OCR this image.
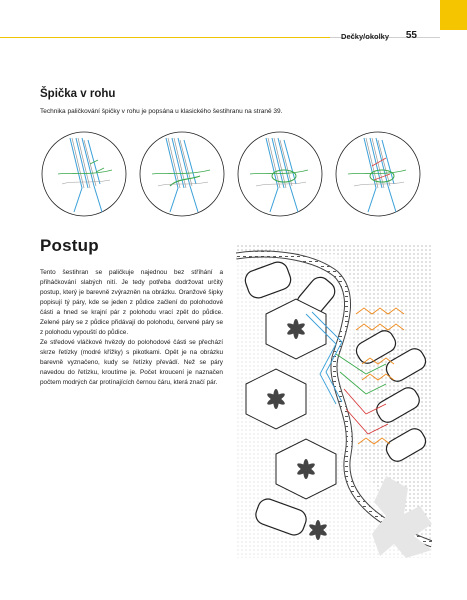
Dečky/okolky 55
Špička v rohu

Technika paličkování špičky v rohu je popsána u klasického šestihranu na straně 39.

Postup

Tento šestihran se paličkuje najednou bez stříhání a přiháčkování slabých nití. Je tedy potřeba dodržovat určitý postup, který je barevně zvýrazněn na obrázku. Oranžové šipky popisují tý páry, kde se jeden z půdice začlení do polohodové části a hned se krajní pár z polohodu vrací zpět do půdice. Zelené páry se z půdice přidávají do polohodu, červené páry se z polohodu vypouští do půdice.

Ze středové vláčkové hvězdy do polohodové části se přechází skrze řetízky (modré křížky) s pikotkami. Opět je na obrázku barevně vyznačeno, kudy se řetízky převádí. Než se páry navedou do řetízku, kroutíme je. Počet kroucení je naznačen počtem modrých čar protínajících černou čáru, která značí pár.
